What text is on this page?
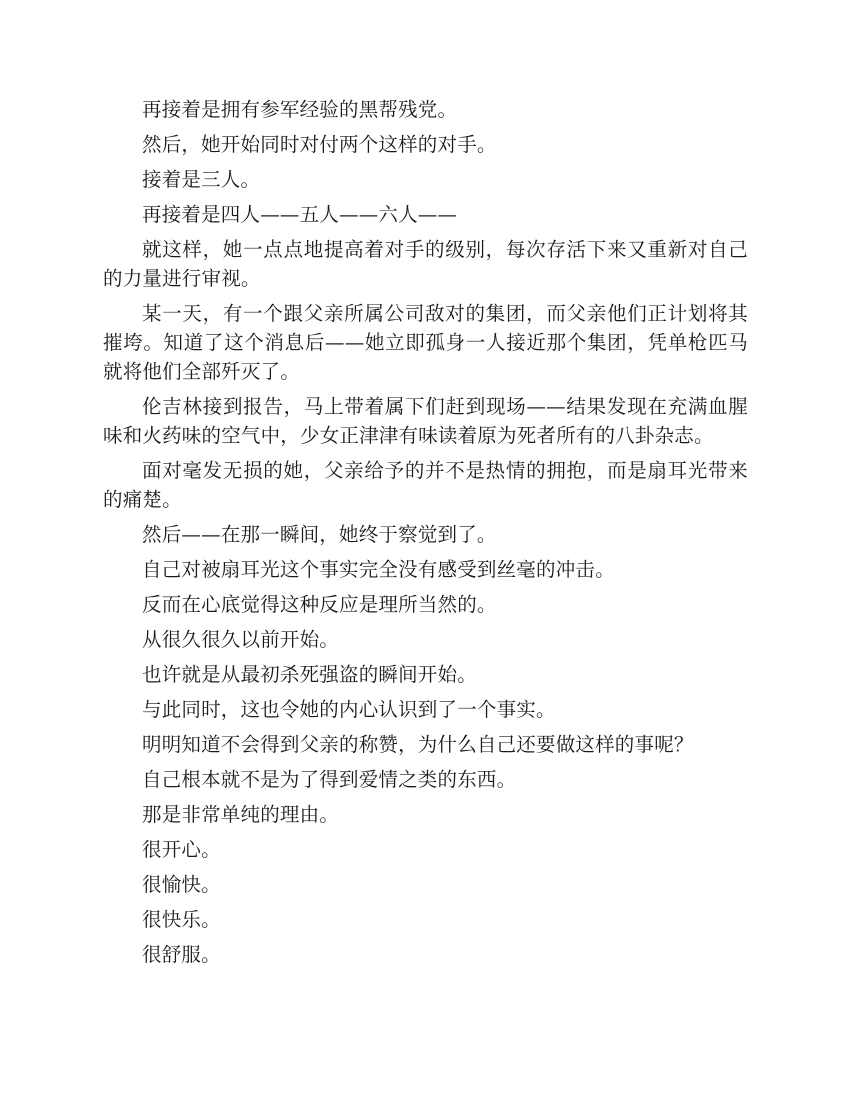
再接着是拥有参军经验的黑帮残党。

然后，她开始同时对付两个这样的对手。

接着是三人。

再接着是四人——五人——六人——

就这样，她一点点地提高着对手的级别，每次存活下来又重新对自己的力量进行审视。

某一天，有一个跟父亲所属公司敌对的集团，而父亲他们正计划将其摧垮。知道了这个消息后——她立即孤身一人接近那个集团，凭单枪匹马就将他们全部歼灭了。

伦吉林接到报告，马上带着属下们赶到现场——结果发现在充满血腥味和火药味的空气中，少女正津津有味读着原为死者所有的八卦杂志。

面对毫发无损的她，父亲给予的并不是热情的拥抱，而是扇耳光带来的痛楚。

然后——在那一瞬间，她终于察觉到了。

自己对被扇耳光这个事实完全没有感受到丝毫的冲击。

反而在心底觉得这种反应是理所当然的。

从很久很久以前开始。

也许就是从最初杀死强盗的瞬间开始。

与此同时，这也令她的内心认识到了一个事实。

明明知道不会得到父亲的称赞，为什么自己还要做这样的事呢？

自己根本就不是为了得到爱情之类的东西。

那是非常单纯的理由。

很开心。

很愉快。

很快乐。

很舒服。
